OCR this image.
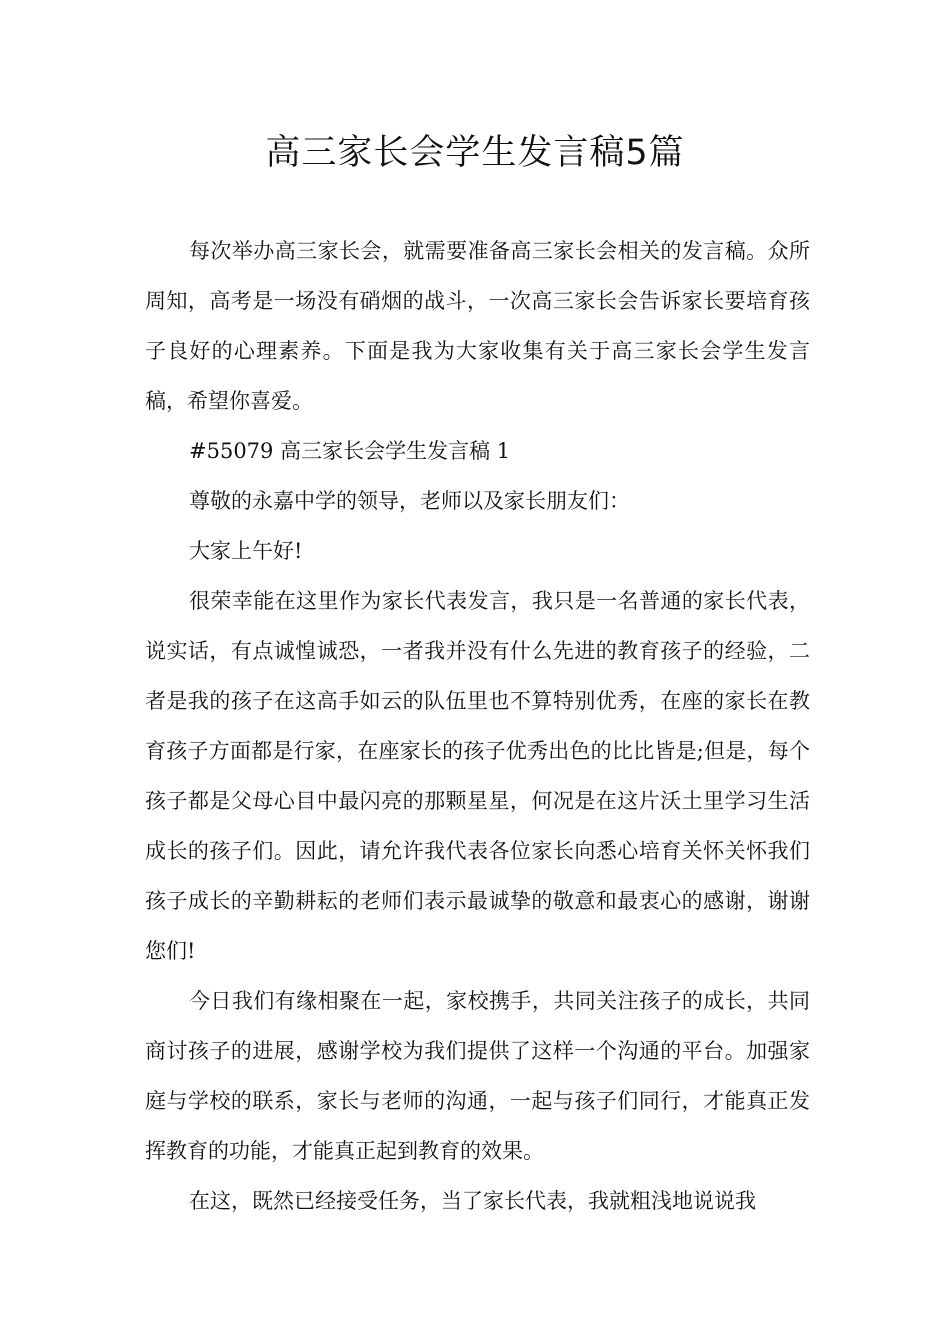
高三家长会学生发言稿5篇

每次举办高三家长会，就需要准备高三家长会相关的发言稿。众所周知，高考是一场没有硝烟的战斗，一次高三家长会告诉家长要培育孩子良好的心理素养。下面是我为大家收集有关于高三家长会学生发言稿，希望你喜爱。

#55079 高三家长会学生发言稿 1

尊敬的永嘉中学的领导，老师以及家长朋友们：

大家上午好!

很荣幸能在这里作为家长代表发言，我只是一名普通的家长代表，说实话，有点诚惶诚恐，一者我并没有什么先进的教育孩子的经验，二者是我的孩子在这高手如云的队伍里也不算特别优秀，在座的家长在教育孩子方面都是行家，在座家长的孩子优秀出色的比比皆是;但是，每个孩子都是父母心目中最闪亮的那颗星星，何况是在这片沃土里学习生活成长的孩子们。因此，请允许我代表各位家长向悉心培育关怀关怀我们孩子成长的辛勤耕耘的老师们表示最诚挚的敬意和最衷心的感谢，谢谢您们!

今日我们有缘相聚在一起，家校携手，共同关注孩子的成长，共同商讨孩子的进展，感谢学校为我们提供了这样一个沟通的平台。加强家庭与学校的联系，家长与老师的沟通，一起与孩子们同行，才能真正发挥教育的功能，才能真正起到教育的效果。

在这，既然已经接受任务，当了家长代表，我就粗浅地说说我
